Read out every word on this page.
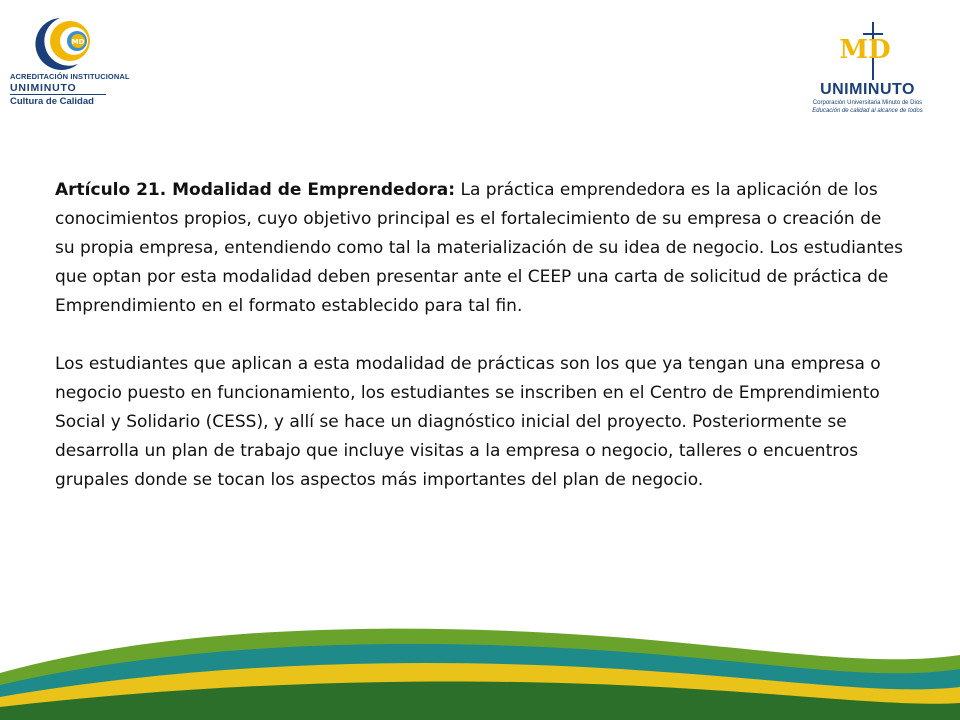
MD
ACREDITACIÓN INSTITUCIONAL
UNIMINUTO
Cultura de Calidad
MD
UNIMINUTO
Corporación Universitaria Minuto de Dios
Educación de calidad al alcance de todos

Artículo 21. Modalidad de Emprendedora: La práctica emprendedora es la aplicación de los conocimientos propios, cuyo objetivo principal es el fortalecimiento de su empresa o creación de su propia empresa, entendiendo como tal la materialización de su idea de negocio. Los estudiantes que optan por esta modalidad deben presentar ante el CEEP una carta de solicitud de práctica de Emprendimiento en el formato establecido para tal fin.

Los estudiantes que aplican a esta modalidad de prácticas son los que ya tengan una empresa o negocio puesto en funcionamiento, los estudiantes se inscriben en el Centro de Emprendimiento Social y Solidario (CESS), y allí se hace un diagnóstico inicial del proyecto. Posteriormente se desarrolla un plan de trabajo que incluye visitas a la empresa o negocio, talleres o encuentros grupales donde se tocan los aspectos más importantes del plan de negocio.
